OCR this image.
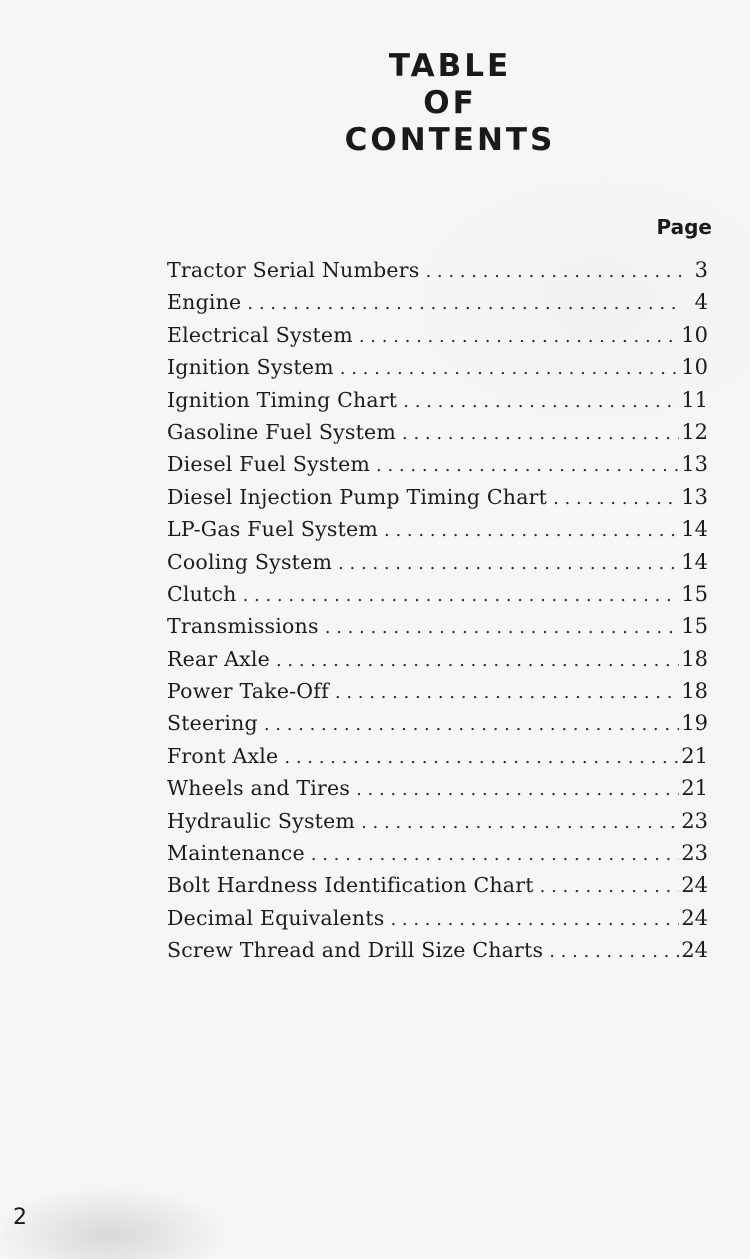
TABLE
OF
CONTENTS
Page
Tractor Serial Numbers . . .	3
Engine . . .	4
Electrical System . . .	10
Ignition System . . .	10
Ignition Timing Chart . . .	11
Gasoline Fuel System . . .	12
Diesel Fuel System . . .	13
Diesel Injection Pump Timing Chart . . .	13
LP-Gas Fuel System . . .	14
Cooling System . . .	14
Clutch . . .	15
Transmissions . . .	15
Rear Axle . . .	18
Power Take-Off . . .	18
Steering . . .	19
Front Axle . . .	21
Wheels and Tires . . .	21
Hydraulic System . . .	23
Maintenance . . .	23
Bolt Hardness Identification Chart . . .	24
Decimal Equivalents . . .	24
Screw Thread and Drill Size Charts . . .	24
2
